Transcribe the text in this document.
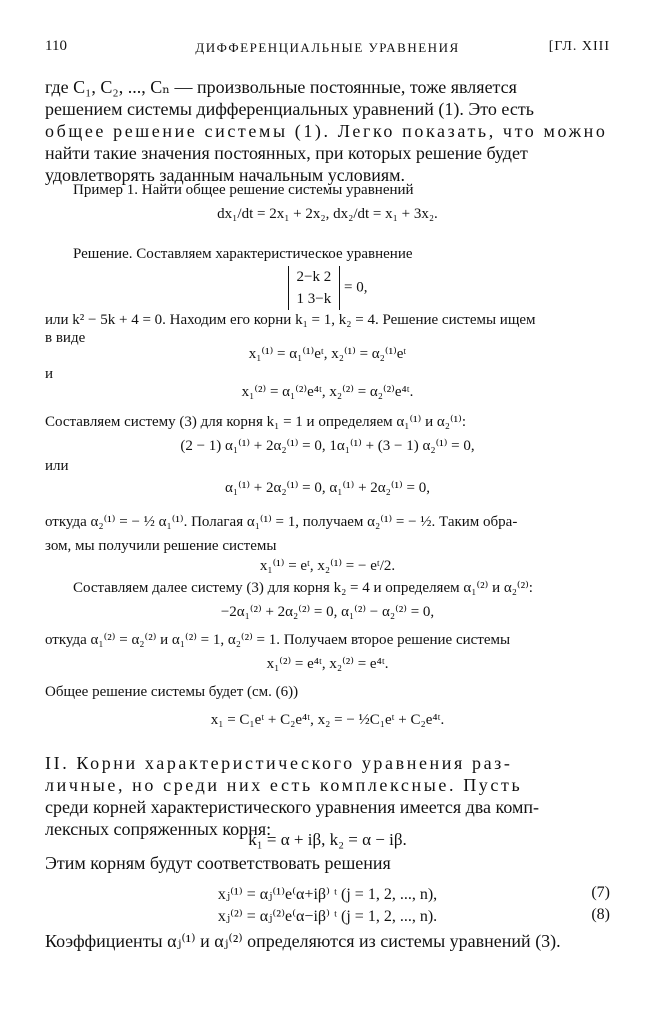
110	ДИФФЕРЕНЦИАЛЬНЫЕ УРАВНЕНИЯ	[ГЛ. XIII
где C₁, C₂, ..., Cₙ — произвольные постоянные, тоже является
решением системы дифференциальных уравнений (1). Это есть
общее решение системы (1). Легко показать, что можно
найти такие значения постоянных, при которых решение будет
удовлетворять заданным начальным условиям.
Пример 1. Найти общее решение системы уравнений
dx₁/dt = 2x₁ + 2x₂, dx₂/dt = x₁ + 3x₂.
Решение. Составляем характеристическое уравнение
2−k 2
1 3−k
= 0,
или k² − 5k + 4 = 0. Находим его корни k₁ = 1, k₂ = 4. Решение системы ищем
в виде
x₁⁽¹⁾ = α₁⁽¹⁾eᵗ, x₂⁽¹⁾ = α₂⁽¹⁾eᵗ
и
x₁⁽²⁾ = α₁⁽²⁾e⁴ᵗ, x₂⁽²⁾ = α₂⁽²⁾e⁴ᵗ.
Составляем систему (3) для корня k₁ = 1 и определяем α₁⁽¹⁾ и α₂⁽¹⁾:
(2 − 1) α₁⁽¹⁾ + 2α₂⁽¹⁾ = 0, 1α₁⁽¹⁾ + (3 − 1) α₂⁽¹⁾ = 0,
или
α₁⁽¹⁾ + 2α₂⁽¹⁾ = 0, α₁⁽¹⁾ + 2α₂⁽¹⁾ = 0,
откуда α₂⁽¹⁾ = − ½ α₁⁽¹⁾. Полагая α₁⁽¹⁾ = 1, получаем α₂⁽¹⁾ = − ½. Таким обра-
зом, мы получили решение системы
x₁⁽¹⁾ = eᵗ, x₂⁽¹⁾ = − eᵗ/2.
Составляем далее систему (3) для корня k₂ = 4 и определяем α₁⁽²⁾ и α₂⁽²⁾:
−2α₁⁽²⁾ + 2α₂⁽²⁾ = 0, α₁⁽²⁾ − α₂⁽²⁾ = 0,
откуда α₁⁽²⁾ = α₂⁽²⁾ и α₁⁽²⁾ = 1, α₂⁽²⁾ = 1. Получаем второе решение системы
x₁⁽²⁾ = e⁴ᵗ, x₂⁽²⁾ = e⁴ᵗ.
Общее решение системы будет (см. (6))
x₁ = C₁eᵗ + C₂e⁴ᵗ, x₂ = − ½C₁eᵗ + C₂e⁴ᵗ.
II. Корни характеристического уравнения раз-
личные, но среди них есть комплексные. Пусть
среди корней характеристического уравнения имеется два комп-
лексных сопряженных корня:
k₁ = α + iβ, k₂ = α − iβ.
Этим корням будут соответствовать решения
xⱼ⁽¹⁾ = αⱼ⁽¹⁾e⁽α+iβ⁾ ᵗ (j = 1, 2, ..., n),	(7)
xⱼ⁽²⁾ = αⱼ⁽²⁾e⁽α−iβ⁾ ᵗ (j = 1, 2, ..., n).	(8)
Коэффициенты αⱼ⁽¹⁾ и αⱼ⁽²⁾ определяются из системы уравнений (3).
